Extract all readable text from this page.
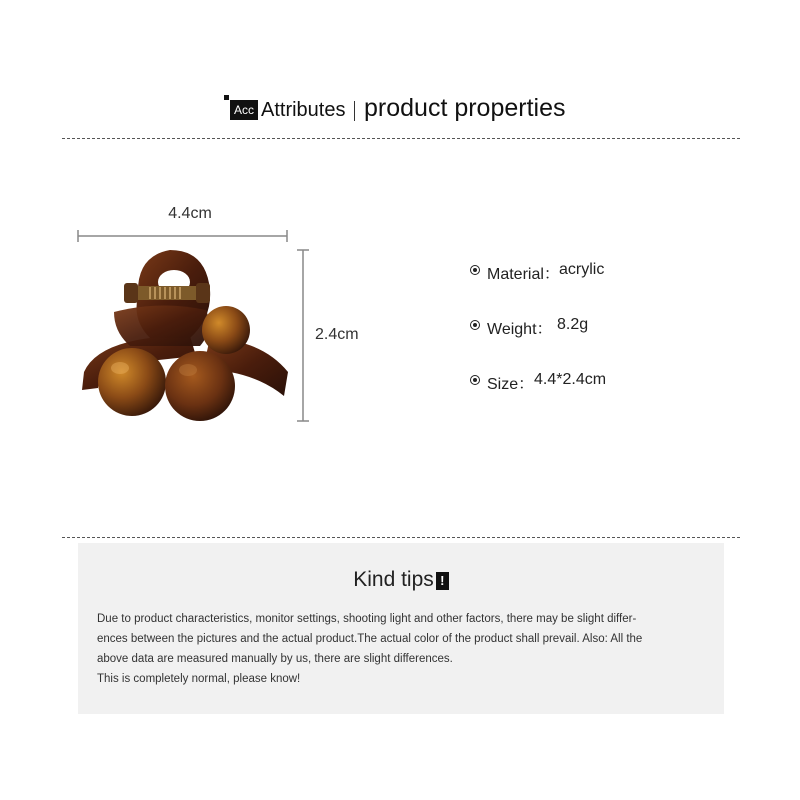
Acc Attributes product properties
4.4cm
2.4cm
Material： acrylic
Weight： 8.2g
Size： 4.4*2.4cm
Kind tips !

Due to product characteristics, monitor settings, shooting light and other factors, there may be slight differ-

ences between the pictures and the actual product.The actual color of the product shall prevail. Also: All the

above data are measured manually by us, there are slight differences.

This is completely normal, please know!
